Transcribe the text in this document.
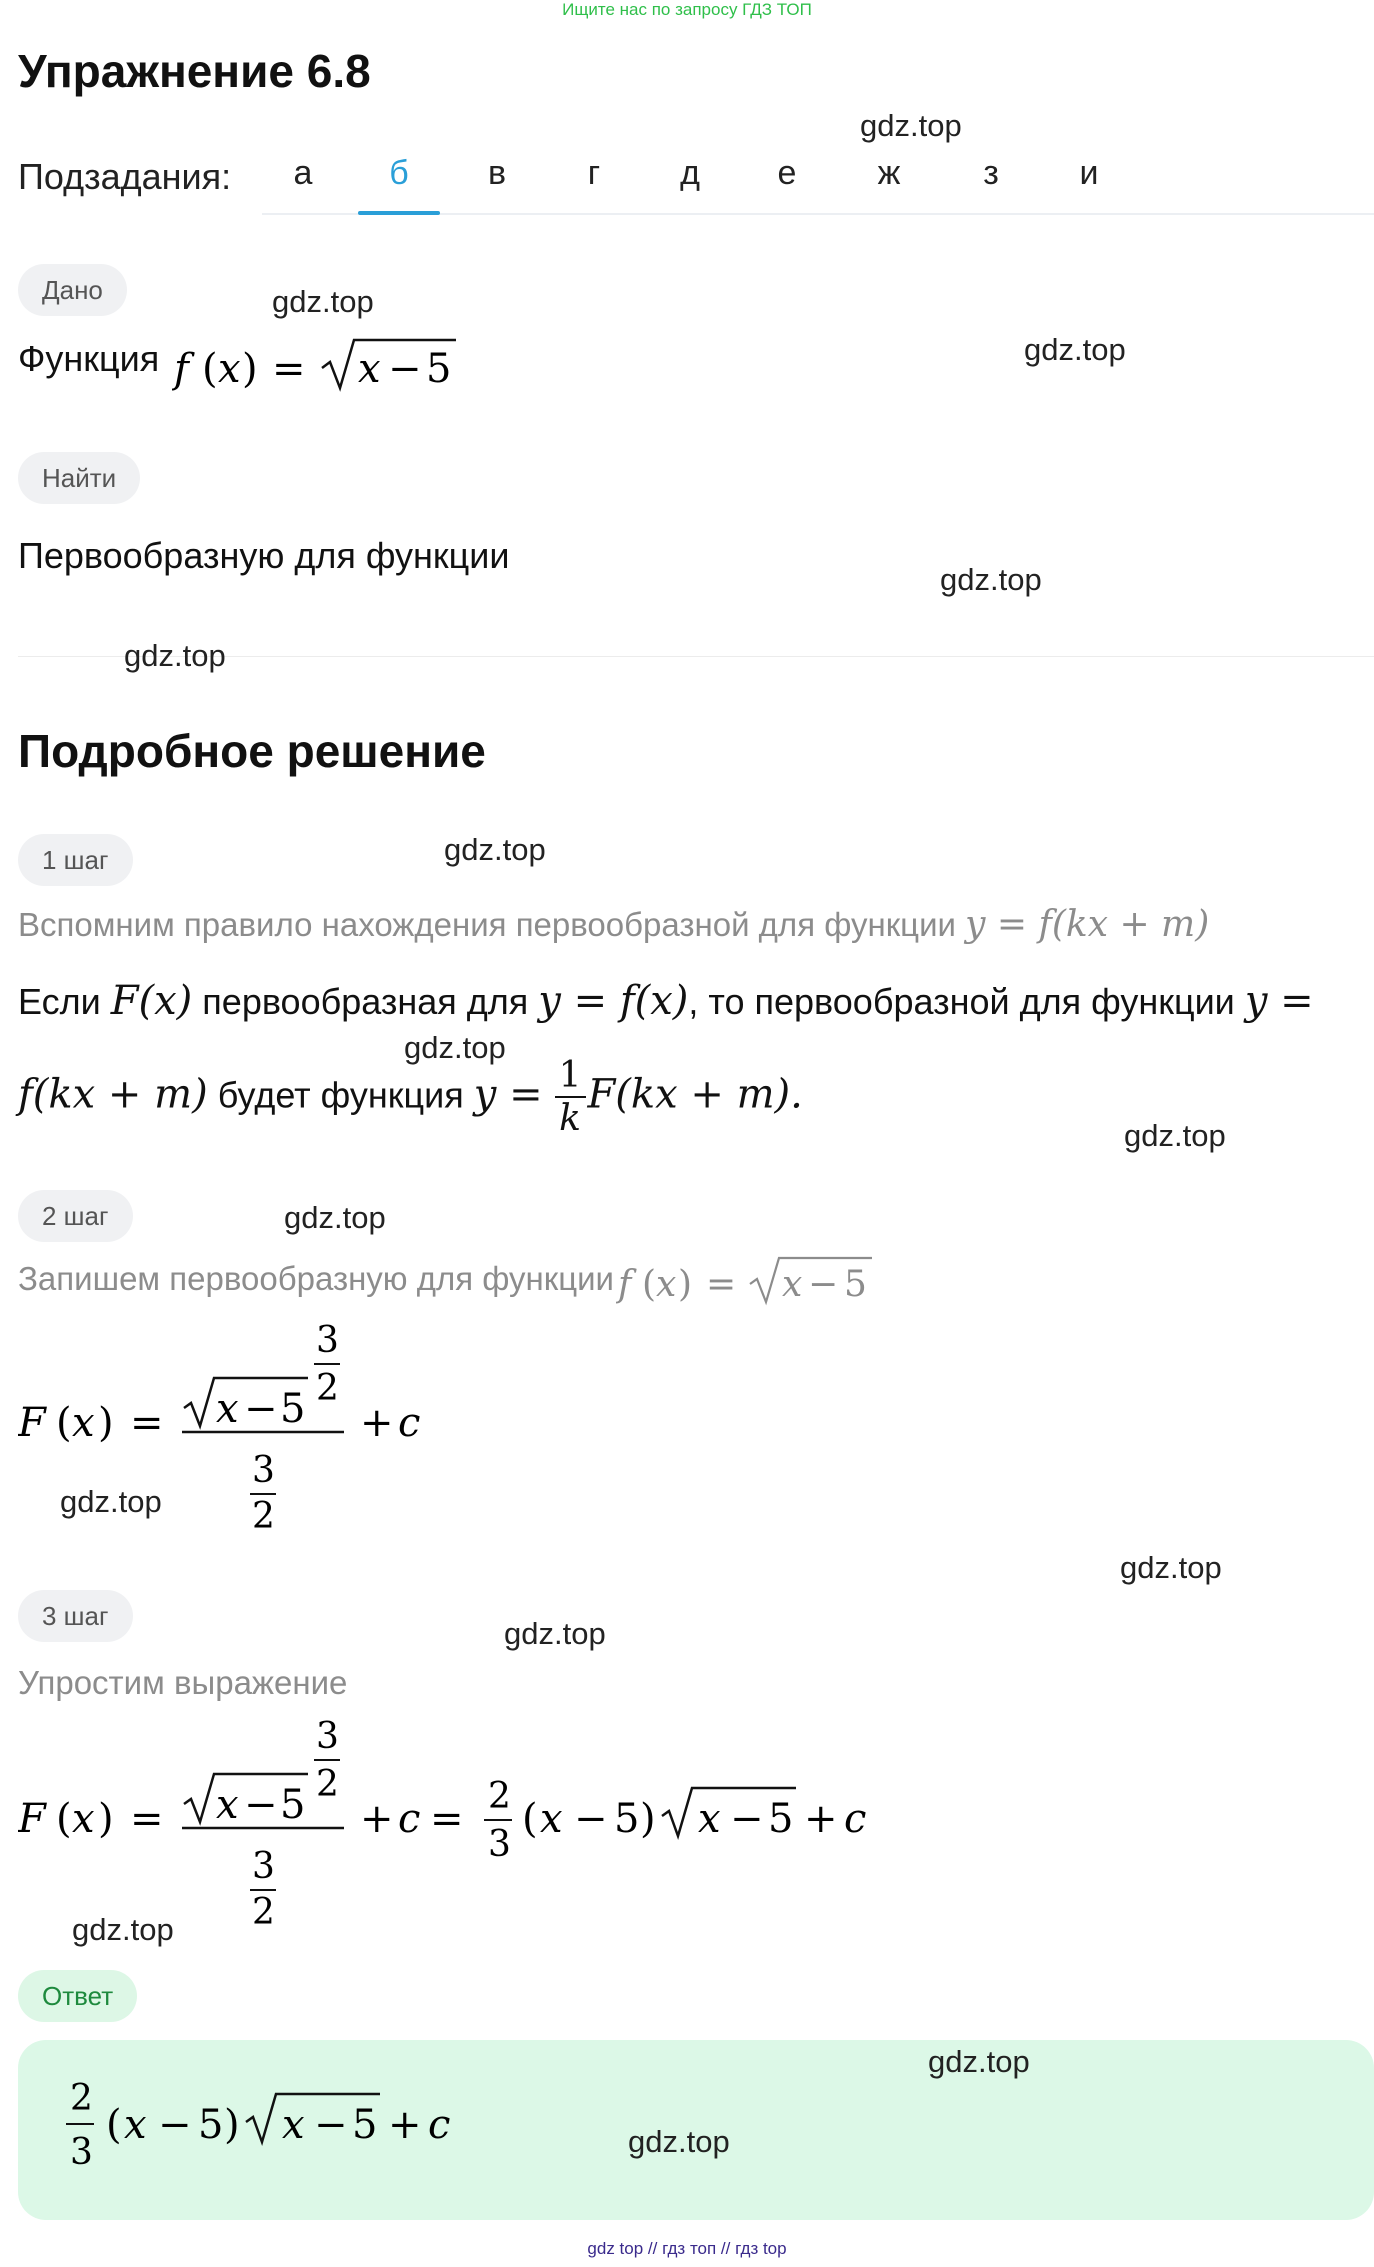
Ищите нас по запросу ГДЗ ТОП
Упражнение 6.8
Подзадания:	а	б	в	г	д	е	ж	з	и
Дано
Функция f ( x ) = x − 5
Найти
Первообразную для функции
Подробное решение
1 шаг
Вспомним правило нахождения первообразной для функции y = f(kx + m)
Если F(x) первообразная для y = f(x), то первообразной для функции y =
f(kx + m) будет функция $y = \frac{1}{k} F(kx + m)$.
2 шаг
Запишем первообразную для функции f ( x ) = x − 5
F ( x ) = x − 5
3
2
3
2
+ c
3 шаг
Упростим выражение
F ( x ) = x − 5
3
2
3
2
+ c = 2
3
( x − 5 ) x − 5 + c
Ответ
2
3
( x − 5 ) x − 5 + c
gdz.top
gdz.top
gdz.top
gdz.top
gdz.top
gdz.top
gdz.top
gdz.top
gdz.top
gdz.top
gdz.top
gdz.top
gdz.top
gdz.top
gdz.top
gdz top // гдз топ // гдз top
